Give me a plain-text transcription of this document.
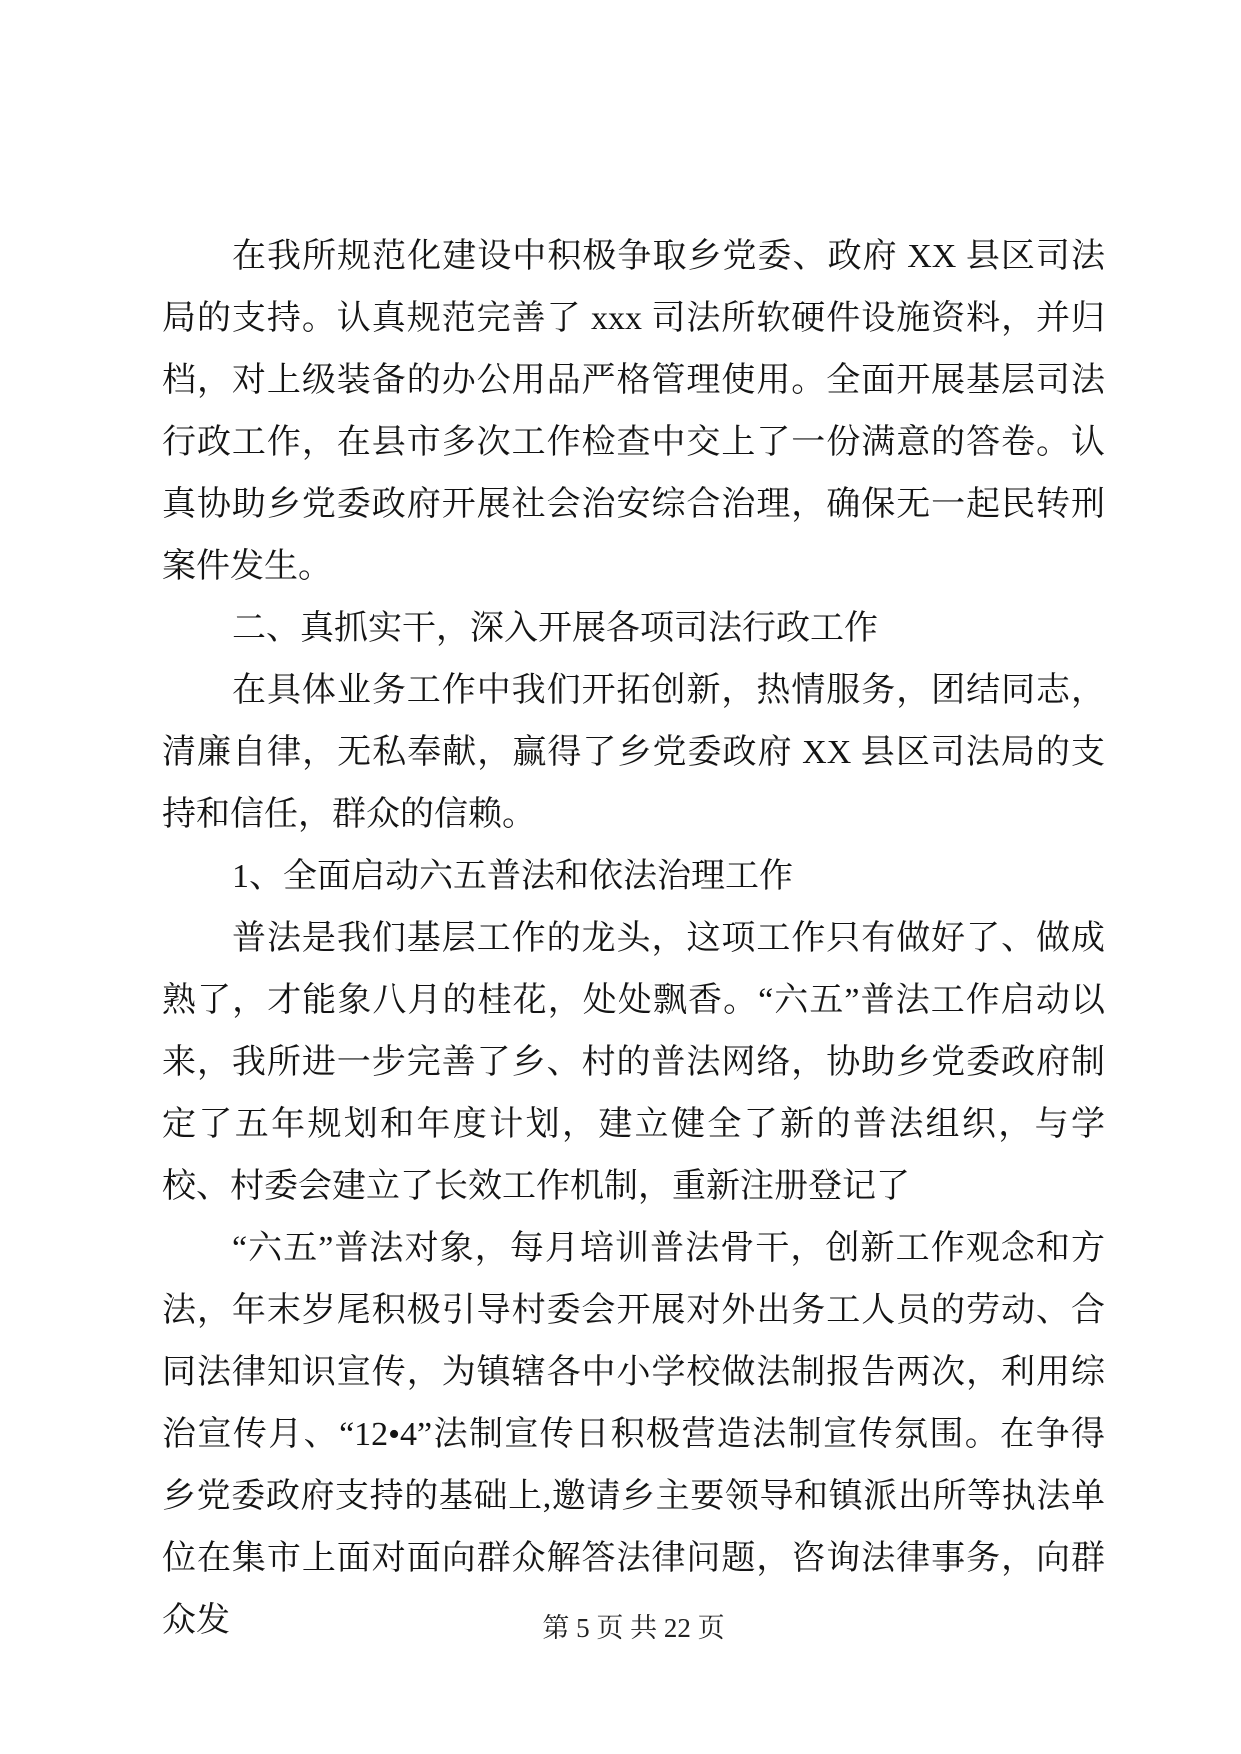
在我所规范化建设中积极争取乡党委、政府 XX 县区司法局的支持。认真规范完善了 xxx 司法所软硬件设施资料，并归档，对上级装备的办公用品严格管理使用。全面开展基层司法行政工作，在县市多次工作检查中交上了一份满意的答卷。认真协助乡党委政府开展社会治安综合治理，确保无一起民转刑案件发生。

二、真抓实干，深入开展各项司法行政工作

在具体业务工作中我们开拓创新，热情服务，团结同志，清廉自律，无私奉献，赢得了乡党委政府 XX 县区司法局的支持和信任，群众的信赖。

1、全面启动六五普法和依法治理工作

普法是我们基层工作的龙头，这项工作只有做好了、做成熟了，才能象八月的桂花，处处飘香。“六五”普法工作启动以来，我所进一步完善了乡、村的普法网络，协助乡党委政府制定了五年规划和年度计划，建立健全了新的普法组织，与学校、村委会建立了长效工作机制，重新注册登记了

“六五”普法对象，每月培训普法骨干，创新工作观念和方法，年末岁尾积极引导村委会开展对外出务工人员的劳动、合同法律知识宣传，为镇辖各中小学校做法制报告两次，利用综治宣传月、“12•4”法制宣传日积极营造法制宣传氛围。在争得乡党委政府支持的基础上,邀请乡主要领导和镇派出所等执法单位在集市上面对面向群众解答法律问题，咨询法律事务，向群众发	第 5 页 共 22 页
